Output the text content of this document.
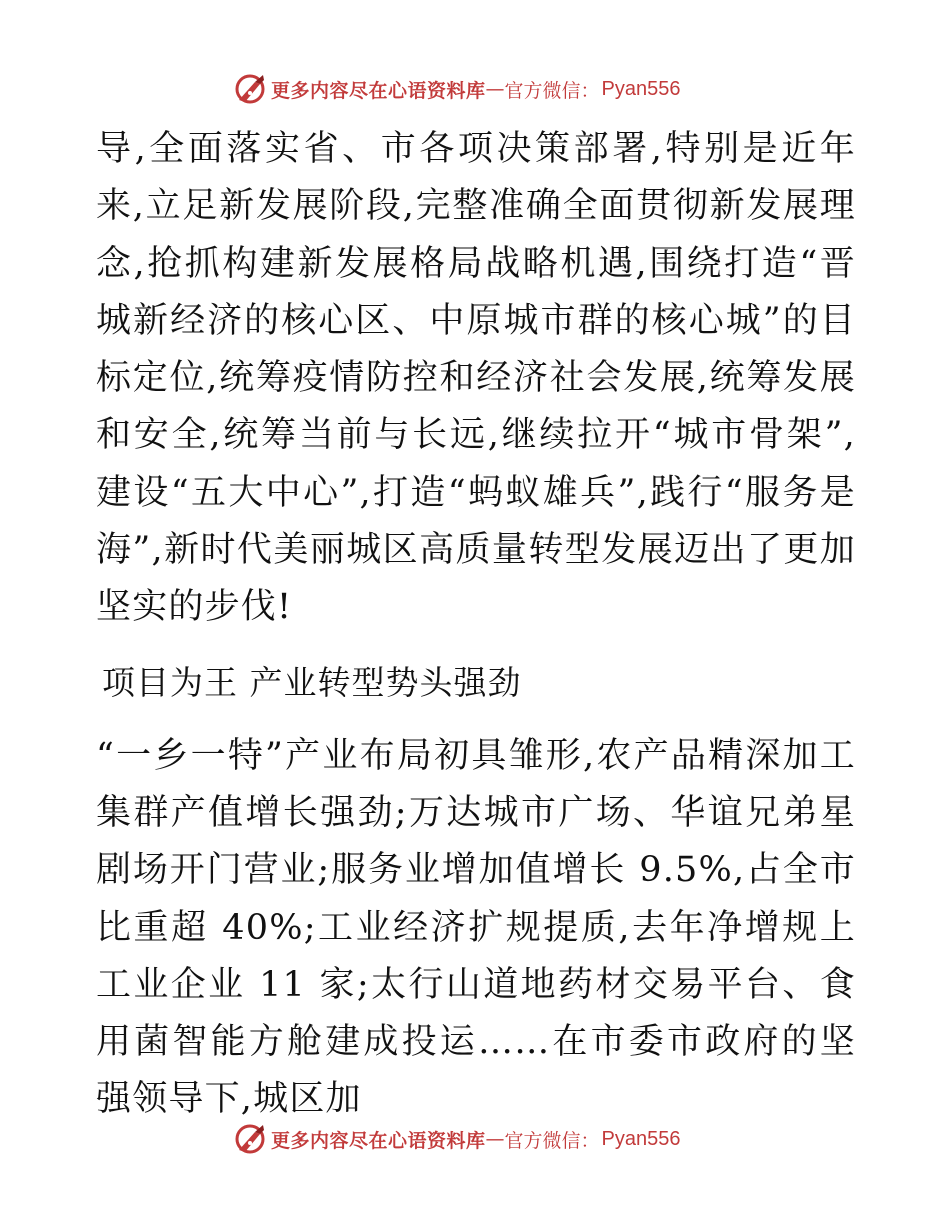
更多内容尽在心语资料库 — 官方微信： Pyan556

导,全面落实省、市各项决策部署,特别是近年来,立足新发展阶段,完整准确全面贯彻新发展理念,抢抓构建新发展格局战略机遇,围绕打造“晋城新经济的核心区、中原城市群的核心城”的目标定位,统筹疫情防控和经济社会发展,统筹发展和安全,统筹当前与长远,继续拉开“城市骨架”,建设“五大中心”,打造“蚂蚁雄兵”,践行“服务是海”,新时代美丽城区高质量转型发展迈出了更加坚实的步伐!

项目为王 产业转型势头强劲

“一乡一特”产业布局初具雏形,农产品精深加工集群产值增长强劲;万达城市广场、华谊兄弟星剧场开门营业;服务业增加值增长 9.5%,占全市比重超 40%;工业经济扩规提质,去年净增规上工业企业 11 家;太行山道地药材交易平台、食用菌智能方舱建成投运……在市委市政府的坚强领导下,城区加

更多内容尽在心语资料库 — 官方微信： Pyan556
